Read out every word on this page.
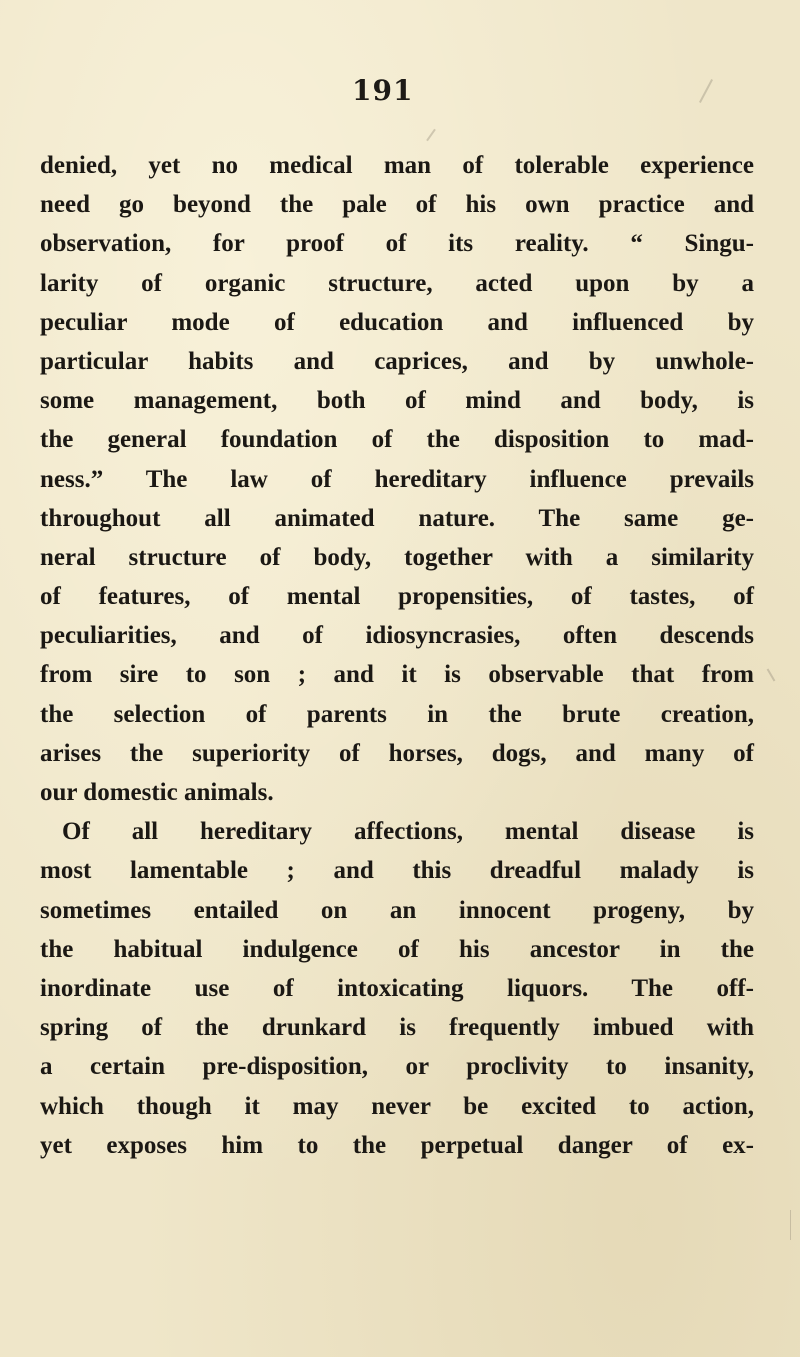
191
denied, yet no medical man of tolerable experience
need go beyond the pale of his own practice and
observation, for proof of its reality. “ Singu-
larity of organic structure, acted upon by a
peculiar mode of education and influenced by
particular habits and caprices, and by unwhole-
some management, both of mind and body, is
the general foundation of the disposition to mad-
ness.” The law of hereditary influence prevails
throughout all animated nature. The same ge-
neral structure of body, together with a similarity
of features, of mental propensities, of tastes, of
peculiarities, and of idiosyncrasies, often descends
from sire to son ; and it is observable that from
the selection of parents in the brute creation,
arises the superiority of horses, dogs, and many of
our domestic animals.
Of all hereditary affections, mental disease is
most lamentable ; and this dreadful malady is
sometimes entailed on an innocent progeny, by
the habitual indulgence of his ancestor in the
inordinate use of intoxicating liquors. The off-
spring of the drunkard is frequently imbued with
a certain pre-disposition, or proclivity to insanity,
which though it may never be excited to action,
yet exposes him to the perpetual danger of ex-
